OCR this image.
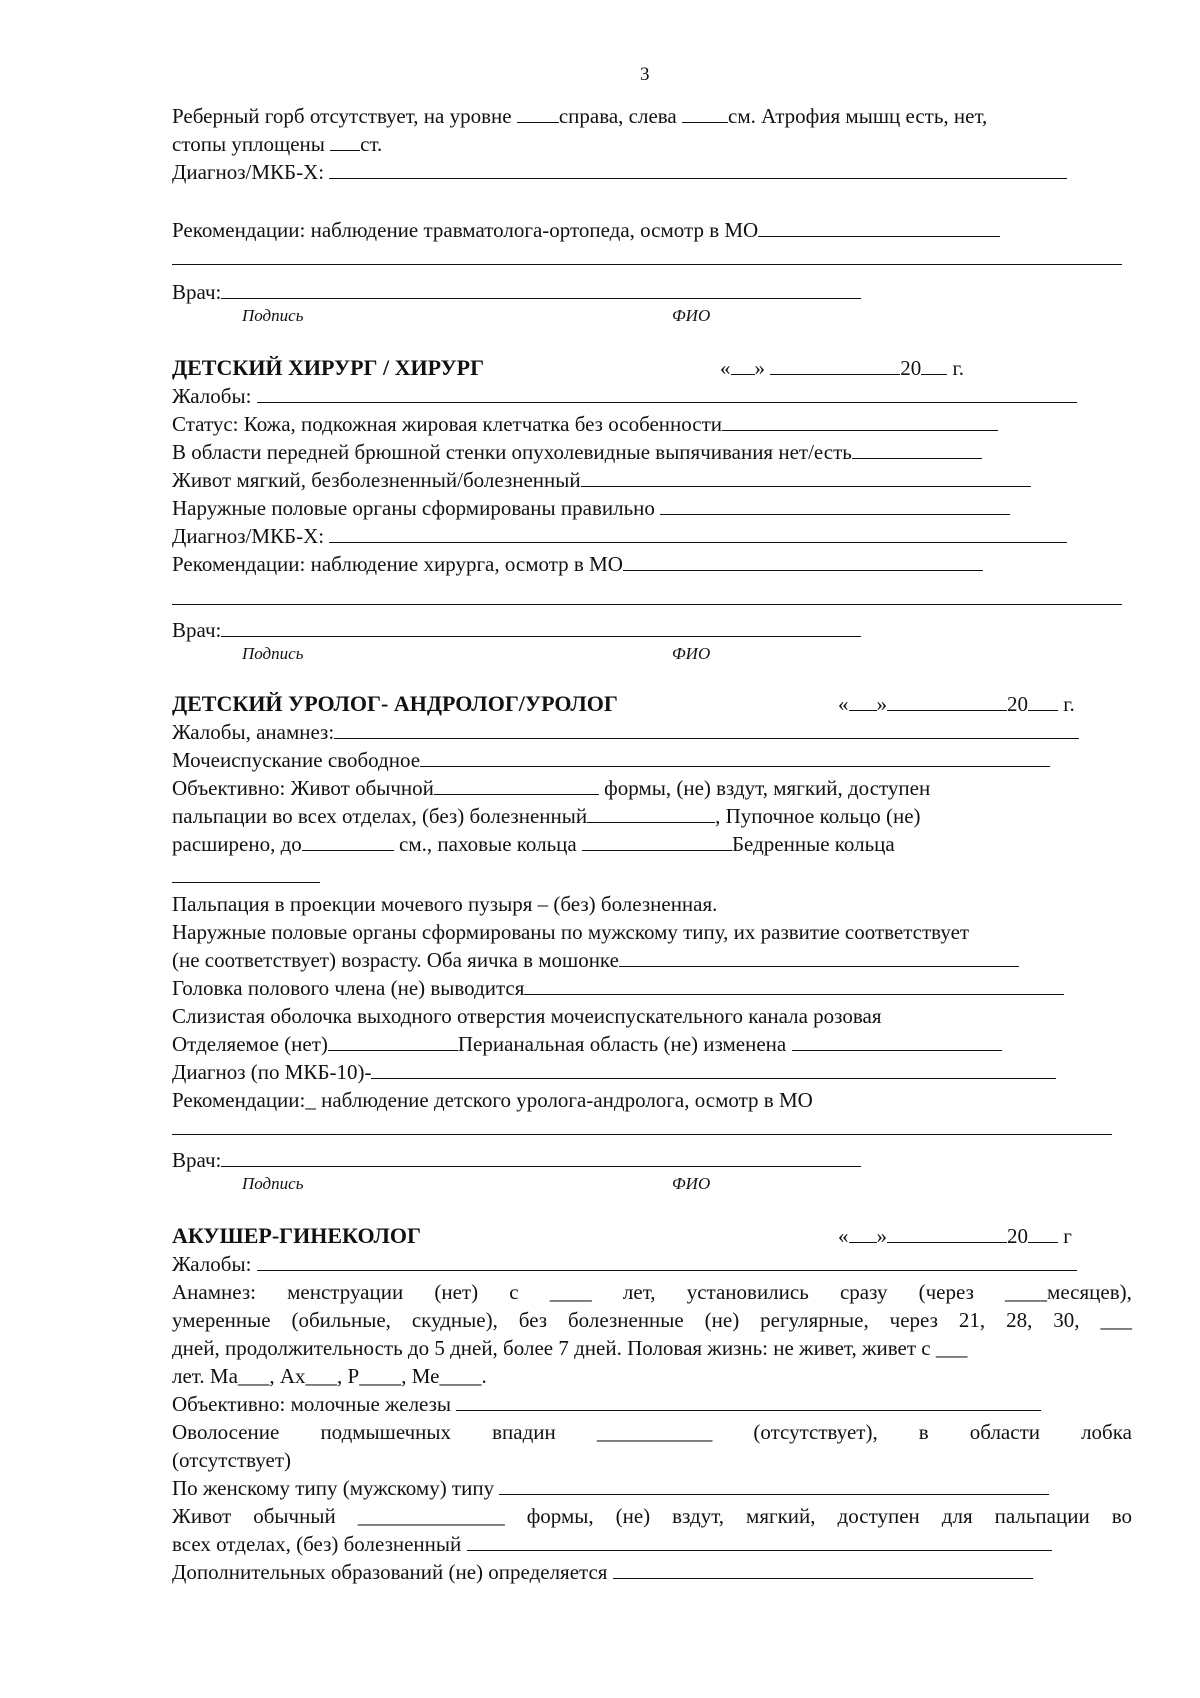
3
Реберный горб отсутствует, на уровне справа, слева см. Атрофия мышц есть, нет,
стопы уплощены ст.
Диагноз/МКБ-Х:
Рекомендации: наблюдение травматолога-ортопеда, осмотр в МО
Врач:
Подпись	ФИО
ДЕТСКИЙ ХИРУРГ / ХИРУРГ	« »	20 г.
Жалобы:
Статус: Кожа, подкожная жировая клетчатка без особенности
В области передней брюшной стенки опухолевидные выпячивания нет/есть
Живот мягкий, безболезненный/болезненный
Наружные половые органы сформированы правильно
Диагноз/МКБ-Х:
Рекомендации: наблюдение хирурга, осмотр в МО
Врач:
Подпись	ФИО
ДЕТСКИЙ УРОЛОГ- АНДРОЛОГ/УРОЛОГ	« »	20 г.
Жалобы, анамнез:
Мочеиспускание свободное
Объективно: Живот обычной	формы, (не) вздут, мягкий, доступен
пальпации во всех отделах, (без) болезненный	, Пупочное кольцо (не)
расширено, до	см., паховые кольца	Бедренные кольца
Пальпация в проекции мочевого пузыря – (без) болезненная.
Наружные половые органы сформированы по мужскому типу, их развитие соответствует
(не соответствует) возрасту. Оба яичка в мошонке
Головка полового члена (не) выводится
Слизистая оболочка выходного отверстия мочеиспускательного канала розовая
Отделяемое (нет)	Перианальная область (не) изменена
Диагноз (по МКБ-10)-
Рекомендации:_ наблюдение детского уролога-андролога, осмотр в МО
Врач:
Подпись	ФИО
АКУШЕР-ГИНЕКОЛОГ	« »	20 г
Жалобы:
Анамнез: менструации (нет) с ____ лет, установились сразу (через ____месяцев),
умеренные (обильные, скудные), без болезненные (не) регулярные, через 21, 28, 30, ___
дней, продолжительность до 5 дней, более 7 дней. Половая жизнь: не живет, живет с ___
лет. Ма___, Ах___, Р____, Ме____.
Объективно: молочные железы
Оволосение подмышечных впадин ___________ (отсутствует), в области лобка
(отсутствует)
По женскому типу (мужскому) типу
Живот обычный ______________ формы, (не) вздут, мягкий, доступен для пальпации во
всех отделах, (без) болезненный
Дополнительных образований (не) определяется
